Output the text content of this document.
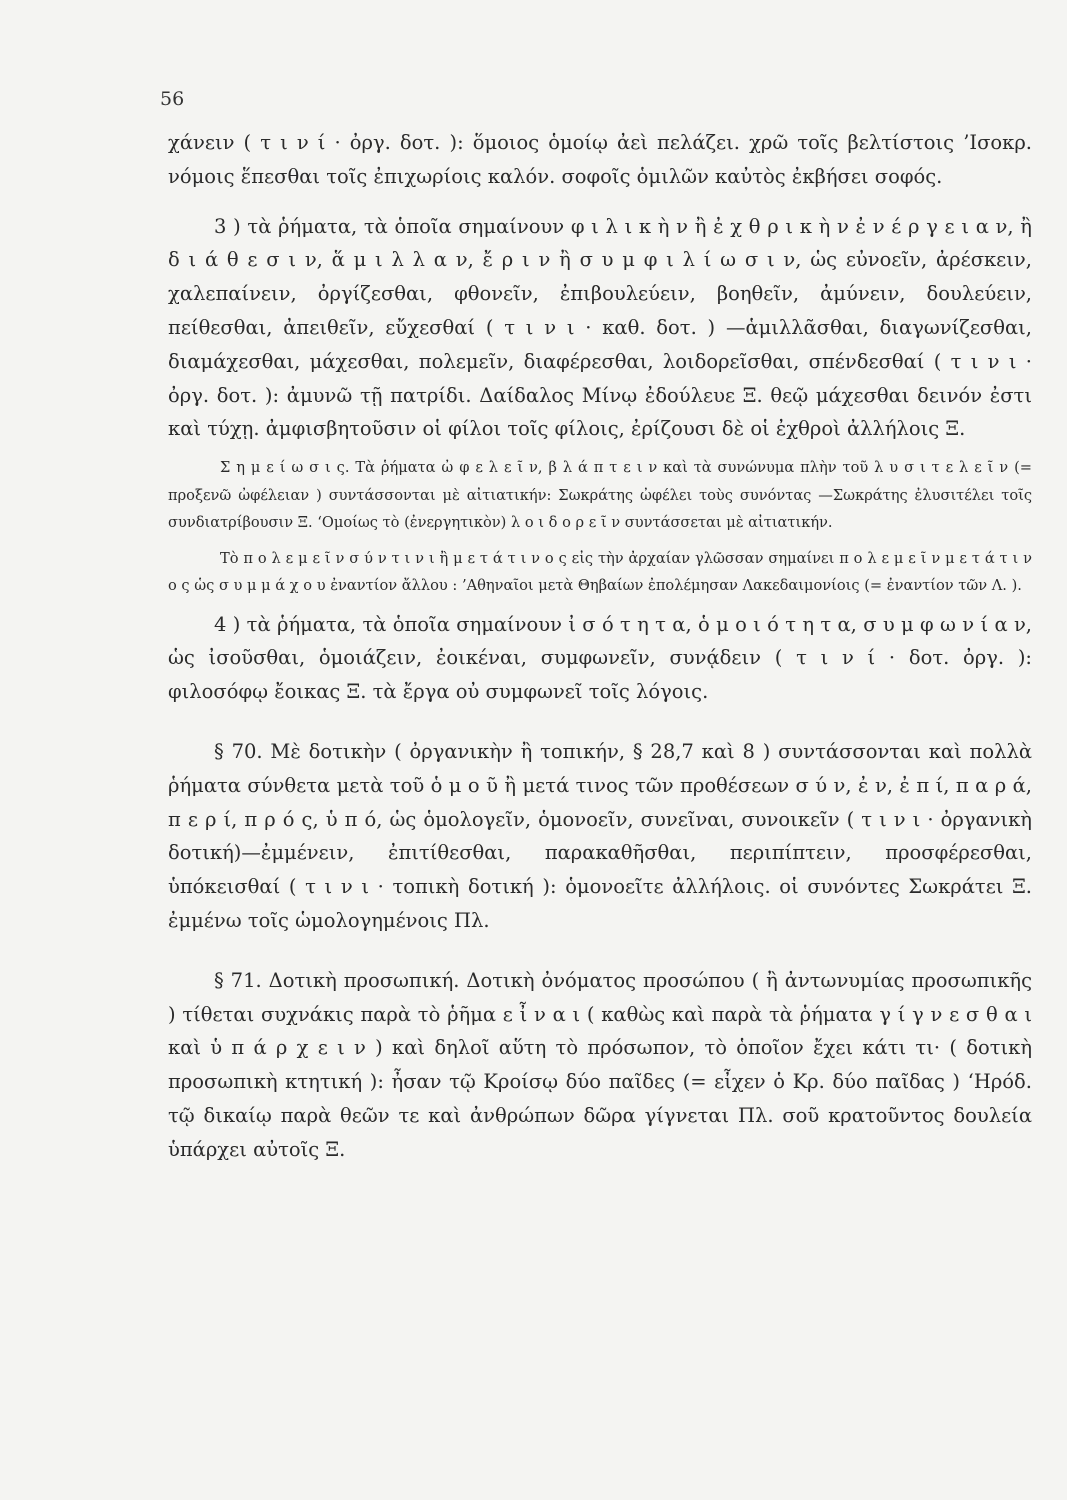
56

χάνειν ( τ ι ν ί · ὀργ. δοτ. ): ὅμοιος ὁμοίῳ ἀεὶ πελάζει. χρῶ τοῖς βελτίστοις ’Ισοκρ. νόμοις ἕπεσθαι τοῖς ἐπιχωρίοις καλόν. σοφοῖς ὁμιλῶν καὐτὸς ἐκβήσει σοφός.

3 ) τὰ ῥήματα, τὰ ὁποῖα σημαίνουν φ ι λ ι κ ὴ ν ἢ ἐ χ θ ρ ι κ ὴ ν ἐ ν έ ρ γ ε ι α ν, ἢ δ ι ά θ ε σ ι ν, ἅ μ ι λ λ α ν, ἔ ρ ι ν ἢ σ υ μ φ ι λ ί ω σ ι ν, ὡς εὐνοεῖν, ἀρέσκειν, χαλεπαίνειν, ὀργίζεσθαι, φθονεῖν, ἐπιβουλεύειν, βοηθεῖν, ἀμύνειν, δουλεύειν, πείθεσθαι, ἀπειθεῖν, εὔχεσθαί ( τ ι ν ι · καθ. δοτ. ) —ἁμιλλᾶσθαι, διαγωνίζεσθαι, διαμάχεσθαι, μάχεσθαι, πολεμεῖν, διαφέρεσθαι, λοιδορεῖσθαι, σπένδεσθαί ( τ ι ν ι · ὀργ. δοτ. ): ἀμυνῶ τῇ πατρίδι. Δαίδαλος Μίνῳ ἐδούλευε Ξ. θεῷ μάχεσθαι δεινόν ἐστι καὶ τύχῃ. ἀμφισβητοῦσιν οἱ φίλοι τοῖς φίλοις, ἐρίζουσι δὲ οἱ ἐχθροὶ ἀλλήλοις Ξ.

Σ η μ ε ί ω σ ι ς. Τὰ ῥήματα ὠ φ ε λ ε ῖ ν, β λ ά π τ ε ι ν καὶ τὰ συνώνυμα πλὴν τοῦ λ υ σ ι τ ε λ ε ῖ ν (= προξενῶ ὠφέλειαν ) συντάσσονται μὲ αἰτιατικήν: Σωκράτης ὠφέλει τοὺς συνόντας —Σωκράτης ἐλυσιτέλει τοῖς συνδιατρίβουσιν Ξ. ‘Ομοίως τὸ (ἐνεργητικὸν) λ ο ι δ ο ρ ε ῖ ν συντάσσεται μὲ αἰτιατικήν.

Τὸ π ο λ ε μ ε ῖ ν σ ύ ν τ ι ν ι ἢ μ ε τ ά τ ι ν ο ς εἰς τὴν ἀρχαίαν γλῶσσαν σημαίνει π ο λ ε μ ε ῖ ν μ ε τ ά τ ι ν ο ς ὡς σ υ μ μ ά χ ο υ ἐναντίον ἄλλου : ’Αθηναῖοι μετὰ Θηβαίων ἐπολέμησαν Λακεδαιμονίοις (= ἐναντίον τῶν Λ. ).

4 ) τὰ ῥήματα, τὰ ὁποῖα σημαίνουν ἰ σ ό τ η τ α, ὁ μ ο ι ό τ η τ α, σ υ μ φ ω ν ί α ν, ὡς ἰσοῦσθαι, ὁμοιάζειν, ἐοικέναι, συμφωνεῖν, συνᾴδειν ( τ ι ν ί · δοτ. ὀργ. ): φιλοσόφῳ ἔοικας Ξ. τὰ ἔργα οὐ συμφωνεῖ τοῖς λόγοις.

§ 70. Μὲ δοτικὴν ( ὀργανικὴν ἢ τοπικήν, § 28,7 καὶ 8 ) συντάσσονται καὶ πολλὰ ῥήματα σύνθετα μετὰ τοῦ ὁ μ ο ῦ ἢ μετά τινος τῶν προθέσεων σ ύ ν, ἐ ν, ἐ π ί, π α ρ ά, π ε ρ ί, π ρ ό ς, ὑ π ό, ὡς ὁμολογεῖν, ὁμονοεῖν, συνεῖναι, συνοικεῖν ( τ ι ν ι · ὀργανικὴ δοτική)—ἐμμένειν, ἐπιτίθεσθαι, παρακαθῆσθαι, περιπίπτειν, προσφέρεσθαι, ὑπόκεισθαί ( τ ι ν ι · τοπικὴ δοτική ): ὁμονοεῖτε ἀλλήλοις. οἱ συνόντες Σωκράτει Ξ. ἐμμένω τοῖς ὡμολογημένοις Πλ.

§ 71. Δοτικὴ προσωπική. Δοτικὴ ὀνόματος προσώπου ( ἢ ἀντωνυμίας προσωπικῆς ) τίθεται συχνάκις παρὰ τὸ ῥῆμα ε ἶ ν α ι ( καθὼς καὶ παρὰ τὰ ῥήματα γ ί γ ν ε σ θ α ι καὶ ὑ π ά ρ χ ε ι ν ) καὶ δηλοῖ αὕτη τὸ πρόσωπον, τὸ ὁποῖον ἔχει κάτι τι· ( δοτικὴ προσωπικὴ κτητική ): ἦσαν τῷ Κροίσῳ δύο παῖδες (= εἶχεν ὁ Κρ. δύο παῖδας ) ‘Ηρόδ. τῷ δικαίῳ παρὰ θεῶν τε καὶ ἀνθρώπων δῶρα γίγνεται Πλ. σοῦ κρατοῦντος δουλεία ὑπάρχει αὐτοῖς Ξ.
